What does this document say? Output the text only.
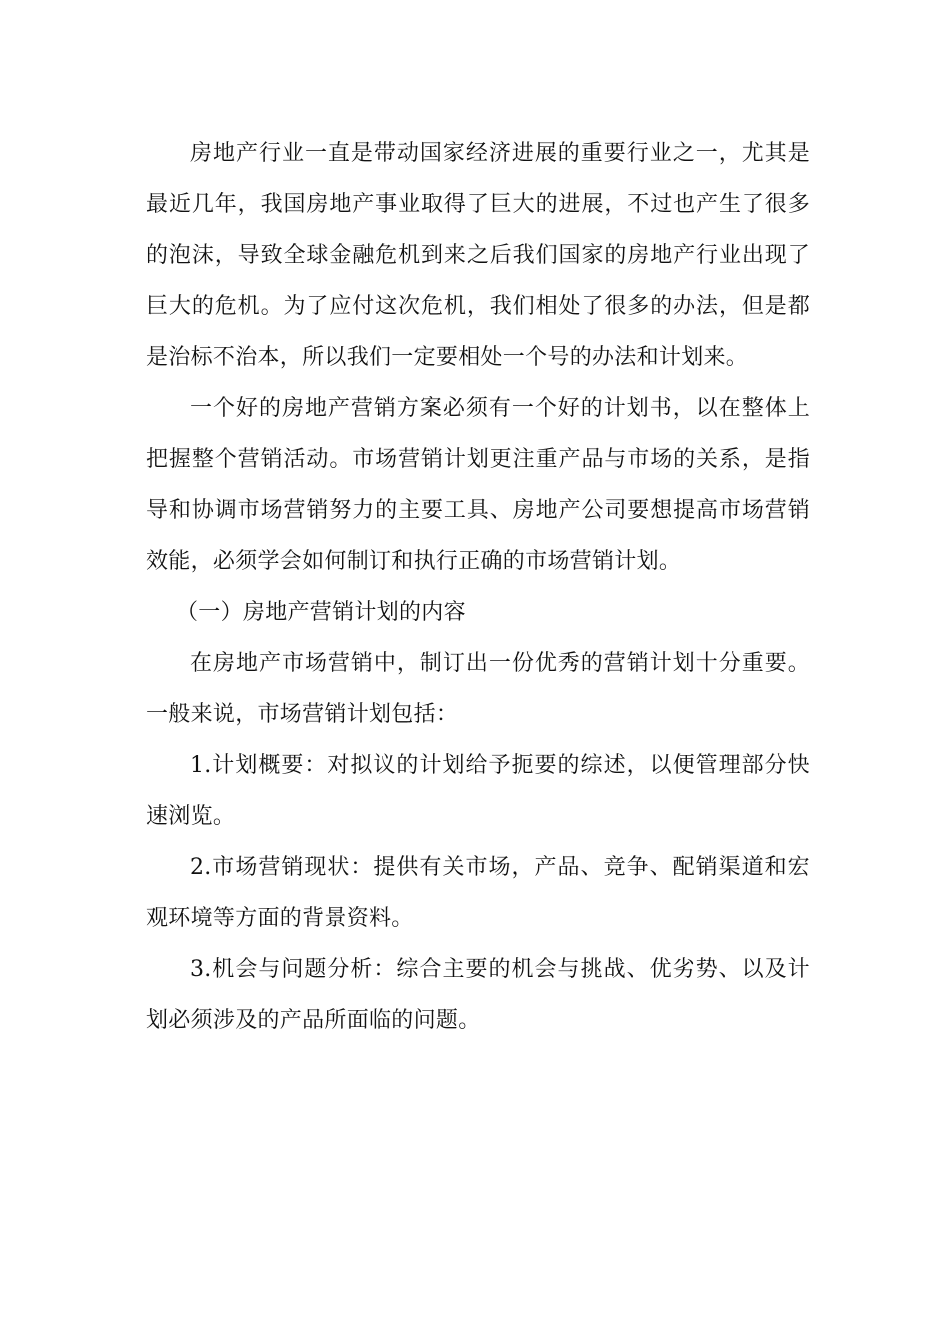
房地产行业一直是带动国家经济进展的重要行业之一，尤其是最近几年，我国房地产事业取得了巨大的进展，不过也产生了很多的泡沫，导致全球金融危机到来之后我们国家的房地产行业出现了巨大的危机。为了应付这次危机，我们相处了很多的办法，但是都是治标不治本，所以我们一定要相处一个号的办法和计划来。

一个好的房地产营销方案必须有一个好的计划书，以在整体上把握整个营销活动。市场营销计划更注重产品与市场的关系，是指导和协调市场营销努力的主要工具、房地产公司要想提高市场营销效能，必须学会如何制订和执行正确的市场营销计划。

（一）房地产营销计划的内容

在房地产市场营销中，制订出一份优秀的营销计划十分重要。一般来说，市场营销计划包括：

1.计划概要：对拟议的计划给予扼要的综述，以便管理部分快速浏览。

2.市场营销现状：提供有关市场，产品、竞争、配销渠道和宏观环境等方面的背景资料。

3.机会与问题分析：综合主要的机会与挑战、优劣势、以及计划必须涉及的产品所面临的问题。
